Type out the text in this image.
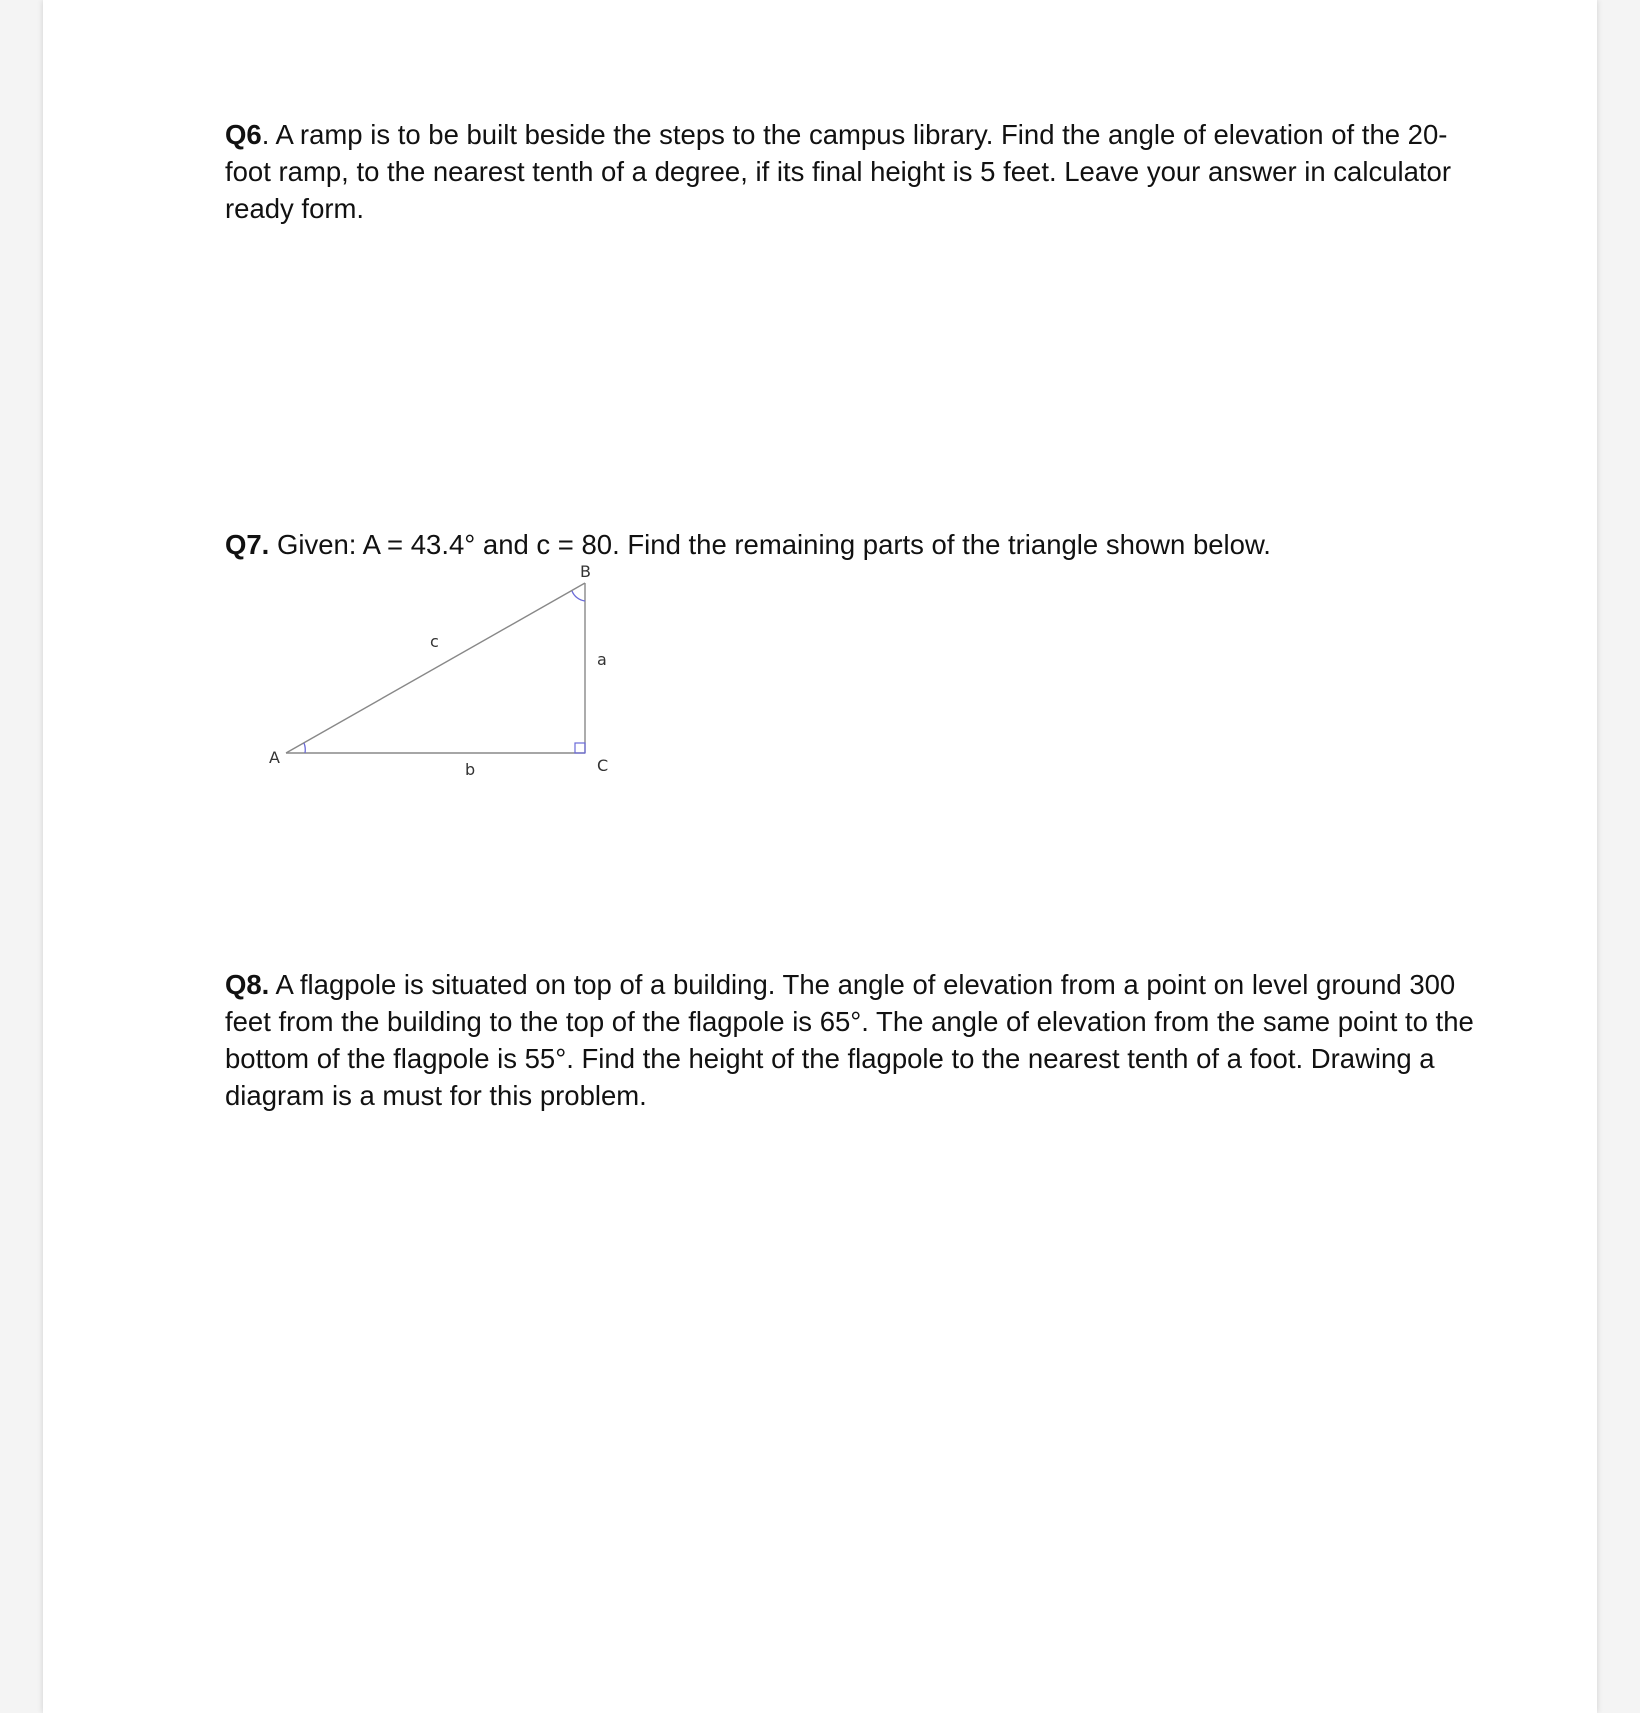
Q6. A ramp is to be built beside the steps to the campus library. Find the angle of elevation of the 20-foot ramp, to the nearest tenth of a degree, if its final height is 5 feet. Leave your answer in calculator ready form.
Q7. Given: A = 43.4° and c = 80. Find the remaining parts of the triangle shown below.
B
A	C
c
a
b
Q8. A flagpole is situated on top of a building. The angle of elevation from a point on level ground 300 feet from the building to the top of the flagpole is 65°. The angle of elevation from the same point to the bottom of the flagpole is 55°. Find the height of the flagpole to the nearest tenth of a foot. Drawing a diagram is a must for this problem.
